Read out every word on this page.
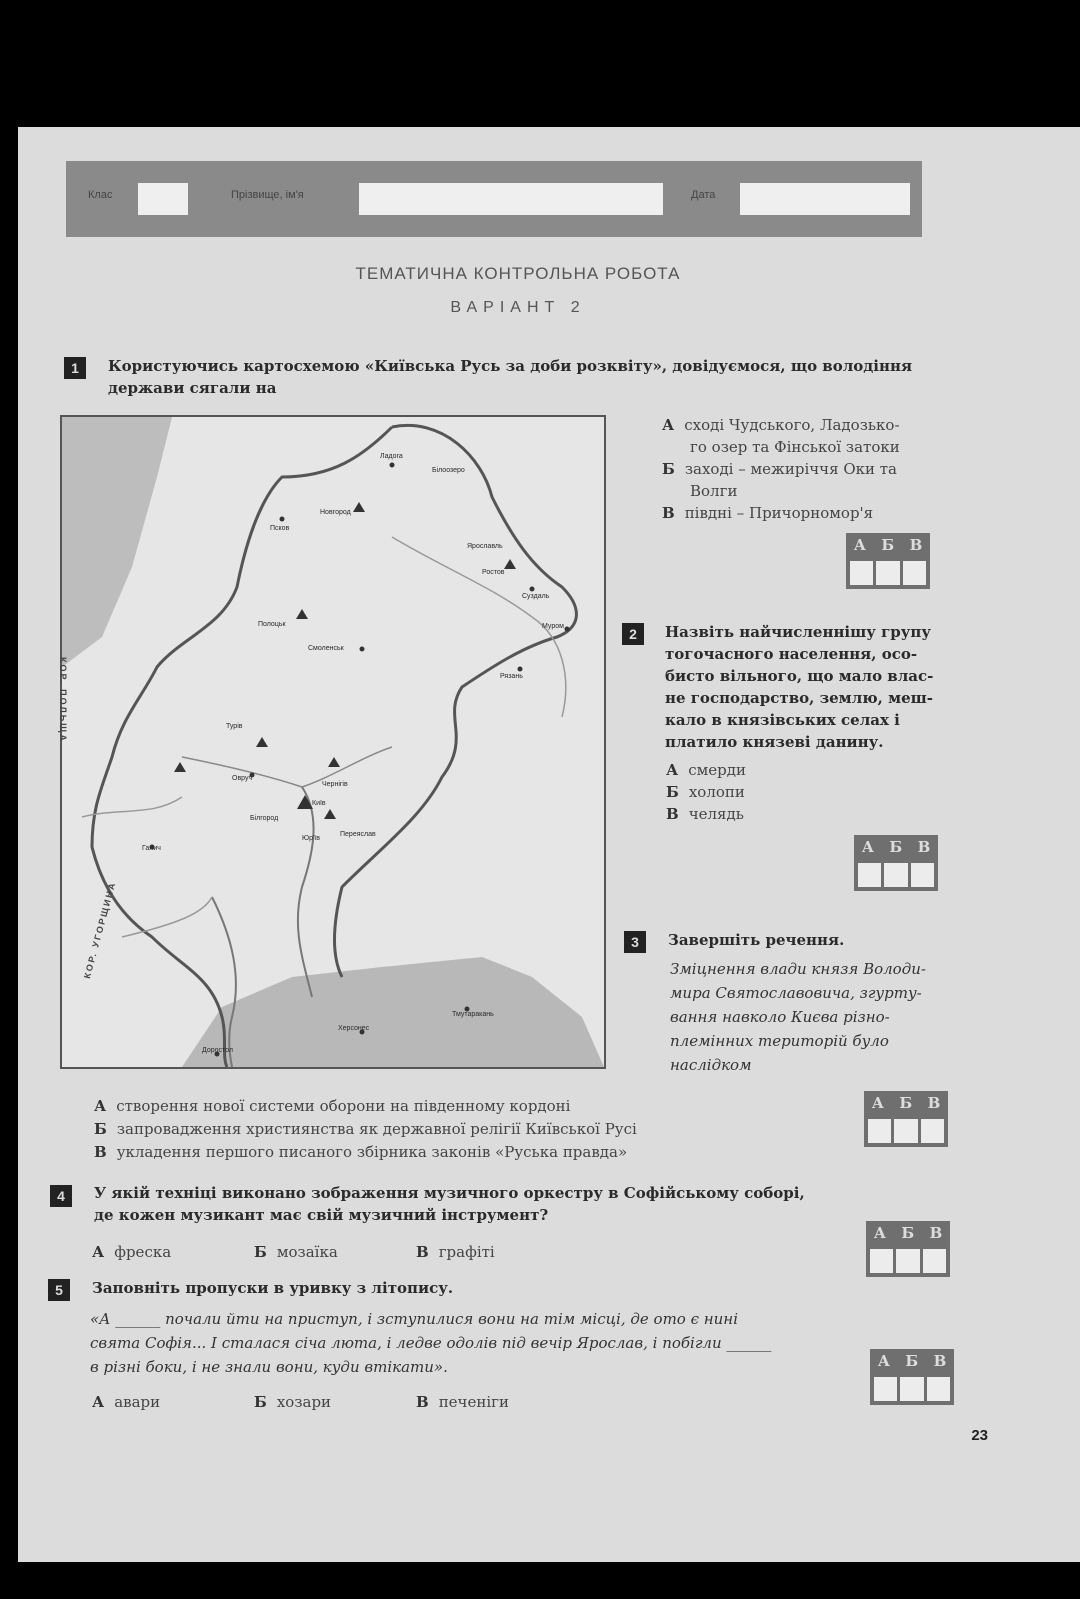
Клас	Прізвище, ім'я	Дата
ТЕМАТИЧНА КОНТРОЛЬНА РОБОТА
ВАРІАНТ 2
1	Користуючись картосхемою «Київська Русь за доби розквіту», довідуємося, що володіння
держави сягали на
КОР. ПОЛЬЩА
КОР. УГОРЩИНА
Ладога
Білоозеро
Новгород
Псков
Ярославль
Ростов
Суздаль
Муром
Полоцьк
Смоленськ
Рязань
Турів
Чернігів
Овруч
Київ
Білгород
Переяслав
Юр'їв
Галич
Тмутаракань
Херсонес
Доростол
А сході Чудського, Ладозько-
го озер та Фінської затоки
Б заході – межиріччя Оки та
Волги
В півдні – Причорномор'я
А Б В
2	Назвіть найчисленнішу групу
тогочасного населення, осо-
бисто вільного, що мало влас-
не господарство, землю, меш-
кало в князівських селах і
платило князеві данину.
А смерди
Б холопи
В челядь
А Б В
3	Завершіть речення.
Зміцнення влади князя Володи-
мира Святославовича, згурту-
вання навколо Києва різно-
племінних територій було
наслідком
А створення нової системи оборони на південному кордоні
Б запровадження християнства як державної релігії Київської Русі
В укладення першого писаного збірника законів «Руська правда»
А Б В
4	У якій техніці виконано зображення музичного оркестру в Софійському соборі,
де кожен музикант має свій музичний інструмент?
А фреска	Б мозаїка	В графіті
А Б В
5	Заповніть пропуски в уривку з літопису.
«А ______ почали йти на приступ, і зступилися вони на тім місці, де ото є нині
свята Софія... І сталася січа люта, і ледве одолів під вечір Ярослав, і побігли ______
в різні боки, і не знали вони, куди втікати».
А авари	Б хозари	В печеніги
А Б В
23
